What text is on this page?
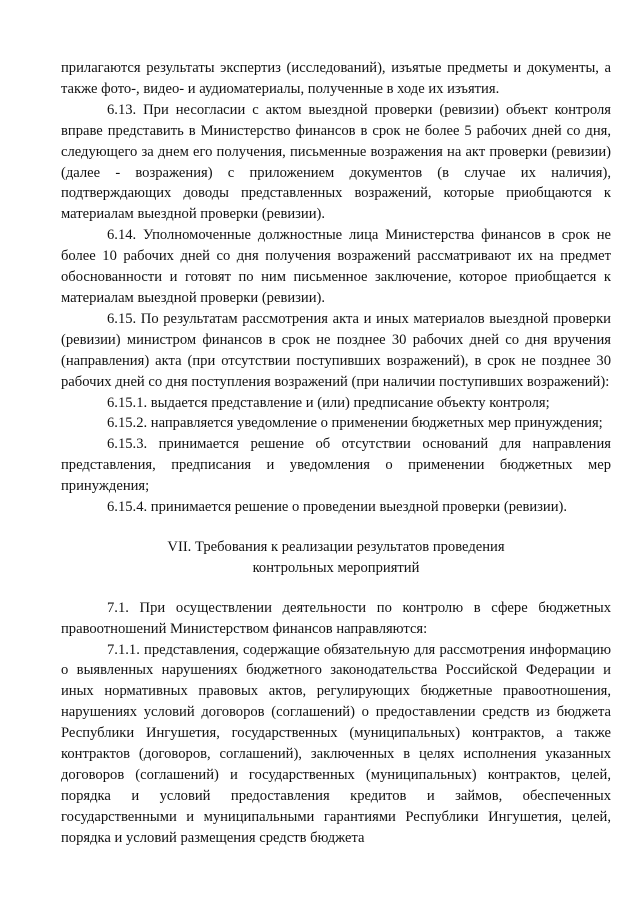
прилагаются результаты экспертиз (исследований), изъятые предметы и документы, а также фото-, видео- и аудиоматериалы, полученные в ходе их изъятия.

6.13. При несогласии с актом выездной проверки (ревизии) объект контроля вправе представить в Министерство финансов в срок не более 5 рабочих дней со дня, следующего за днем его получения, письменные возражения на акт проверки (ревизии) (далее - возражения) с приложением документов (в случае их наличия), подтверждающих доводы представленных возражений, которые приобщаются к материалам выездной проверки (ревизии).

6.14. Уполномоченные должностные лица Министерства финансов в срок не более 10 рабочих дней со дня получения возражений рассматривают их на предмет обоснованности и готовят по ним письменное заключение, которое приобщается к материалам выездной проверки (ревизии).

6.15. По результатам рассмотрения акта и иных материалов выездной проверки (ревизии) министром финансов в срок не позднее 30 рабочих дней со дня вручения (направления) акта (при отсутствии поступивших возражений), в срок не позднее 30 рабочих дней со дня поступления возражений (при наличии поступивших возражений):

6.15.1. выдается представление и (или) предписание объекту контроля;

6.15.2. направляется уведомление о применении бюджетных мер принуждения;

6.15.3. принимается решение об отсутствии оснований для направления представления, предписания и уведомления о применении бюджетных мер принуждения;

6.15.4. принимается решение о проведении выездной проверки (ревизии).

VII. Требования к реализации результатов проведения
контрольных мероприятий

7.1. При осуществлении деятельности по контролю в сфере бюджетных правоотношений Министерством финансов направляются:

7.1.1. представления, содержащие обязательную для рассмотрения информацию о выявленных нарушениях бюджетного законодательства Российской Федерации и иных нормативных правовых актов, регулирующих бюджетные правоотношения, нарушениях условий договоров (соглашений) о предоставлении средств из бюджета Республики Ингушетия, государственных (муниципальных) контрактов, а также контрактов (договоров, соглашений), заключенных в целях исполнения указанных договоров (соглашений) и государственных (муниципальных) контрактов, целей, порядка и условий предоставления кредитов и займов, обеспеченных государственными и муниципальными гарантиями Республики Ингушетия, целей, порядка и условий размещения средств бюджета
